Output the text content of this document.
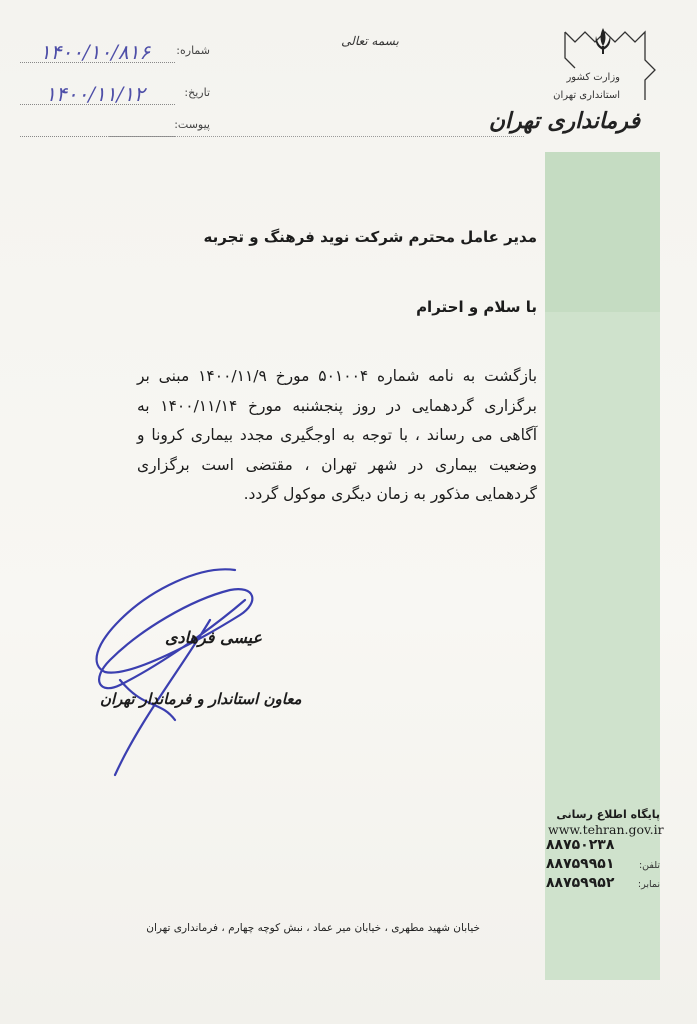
وزارت کشور
استانداری تهران
فرمانداری تهران
بسمه تعالی
شماره:
۱۴۰۰/۱۰/۸۱۶
تاریخ:
۱۴۰۰/۱۱/۱۲
پیوست:
مدیر عامل محترم شرکت نوید فرهنگ و تجربه
با سلام و احترام
بازگشت به نامه شماره ۵۰۱۰۰۴ مورخ ۱۴۰۰/۱۱/۹ مبنی بر برگزاری گردهمایی در روز پنجشنبه مورخ ۱۴۰۰/۱۱/۱۴ به آگاهی می رساند ، با توجه به اوجگیری مجدد بیماری کرونا و وضعیت بیماری در شهر تهران ، مقتضی است برگزاری گردهمایی مذکور به زمان دیگری موکول گردد.
عیسی فرهادی
معاون استاندار و فرماندار تهران
پایگاه اطلاع رسانی
www.tehran.gov.ir
۸۸۷۵۰۲۳۸
۸۸۷۵۹۹۵۱	تلفن:
۸۸۷۵۹۹۵۲ نمابر:
خیابان شهید مطهری ، خیابان میر عماد ، نبش کوچه چهارم ، فرمانداری تهران
